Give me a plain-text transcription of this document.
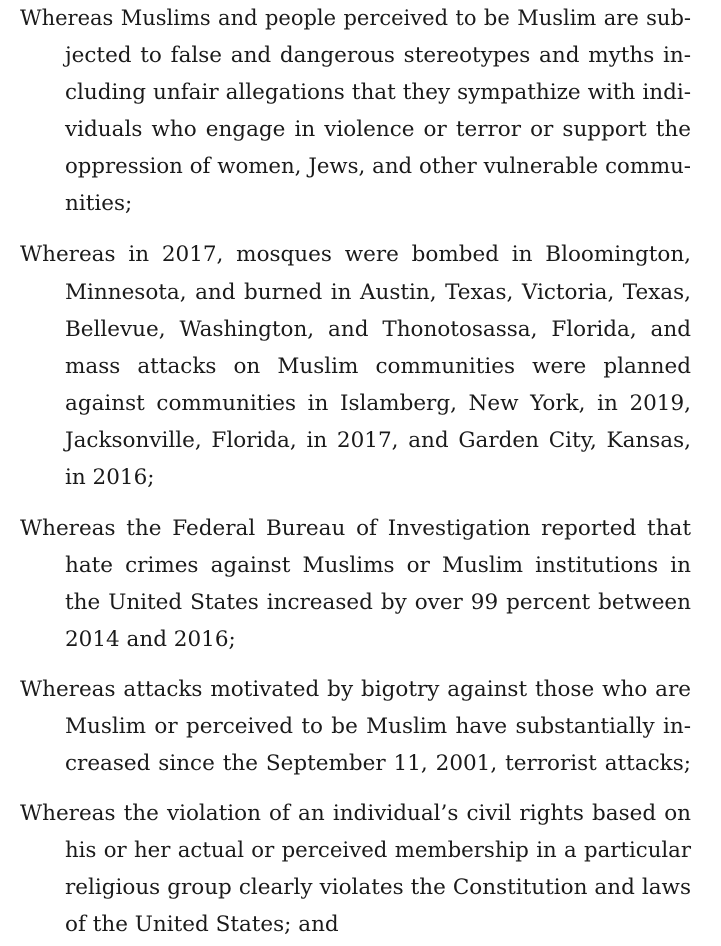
Whereas Muslims and people perceived to be Muslim are sub-
jected to false and dangerous stereotypes and myths in-
cluding unfair allegations that they sympathize with indi-
viduals who engage in violence or terror or support the
oppression of women, Jews, and other vulnerable commu-
nities;
Whereas in 2017, mosques were bombed in Bloomington,
Minnesota, and burned in Austin, Texas, Victoria, Texas,
Bellevue, Washington, and Thonotosassa, Florida, and
mass attacks on Muslim communities were planned
against communities in Islamberg, New York, in 2019,
Jacksonville, Florida, in 2017, and Garden City, Kansas,
in 2016;
Whereas the Federal Bureau of Investigation reported that
hate crimes against Muslims or Muslim institutions in
the United States increased by over 99 percent between
2014 and 2016;
Whereas attacks motivated by bigotry against those who are
Muslim or perceived to be Muslim have substantially in-
creased since the September 11, 2001, terrorist attacks;
Whereas the violation of an individual’s civil rights based on
his or her actual or perceived membership in a particular
religious group clearly violates the Constitution and laws
of the United States; and
